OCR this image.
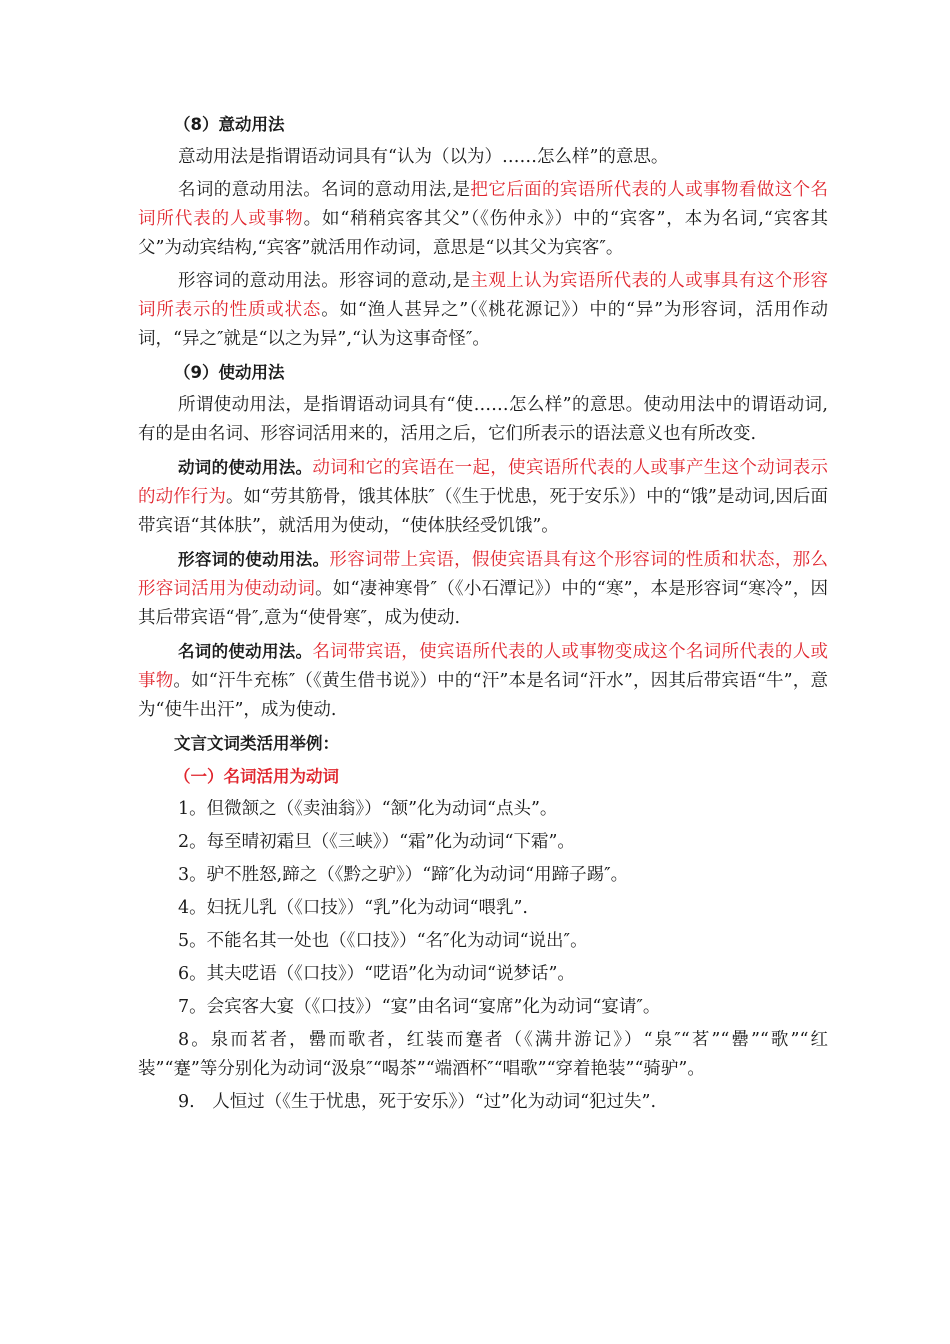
（8）意动用法

意动用法是指谓语动词具有“认为（以为）……怎么样”的意思。

名词的意动用法。名词的意动用法,是把它后面的宾语所代表的人或事物看做这个名词所代表的人或事物。如“稍稍宾客其父”（《伤仲永》）中的“宾客”，本为名词,“宾客其父”为动宾结构,“宾客”就活用作动词，意思是“以其父为宾客″。

形容词的意动用法。形容词的意动,是主观上认为宾语所代表的人或事具有这个形容词所表示的性质或状态。如“渔人甚异之”（《桃花源记》）中的“异”为形容词，活用作动词，“异之″就是“以之为异”,“认为这事奇怪″。

（9）使动用法

所谓使动用法，是指谓语动词具有“使……怎么样”的意思。使动用法中的谓语动词,有的是由名词、形容词活用来的，活用之后，它们所表示的语法意义也有所改变.

动词的使动用法。动词和它的宾语在一起，使宾语所代表的人或事产生这个动词表示的动作行为。如“劳其筋骨，饿其体肤″（《生于忧患，死于安乐》）中的“饿”是动词,因后面带宾语“其体肤”，就活用为使动，“使体肤经受饥饿”。

形容词的使动用法。形容词带上宾语，假使宾语具有这个形容词的性质和状态，那么形容词活用为使动动词。如“凄神寒骨″（《小石潭记》）中的“寒”，本是形容词“寒冷”，因其后带宾语“骨″,意为“使骨寒″，成为使动.

名词的使动用法。名词带宾语，使宾语所代表的人或事物变成这个名词所代表的人或事物。如“汗牛充栋″（《黄生借书说》）中的“汗”本是名词“汗水”，因其后带宾语“牛”，意为“使牛出汗”，成为使动.

文言文词类活用举例：

（一）名词活用为动词

1。但微颔之（《卖油翁》）“颔”化为动词“点头”。

2。每至晴初霜旦（《三峡》）“霜”化为动词“下霜”。

3。驴不胜怒,蹄之（《黔之驴》）“蹄″化为动词“用蹄子踢″。

4。妇抚儿乳（《口技》）“乳”化为动词“喂乳”.

5。不能名其一处也（《口技》）“名″化为动词“说出″。

6。其夫呓语（《口技》）“呓语”化为动词“说梦话”。

7。会宾客大宴（《口技》）“宴”由名词“宴席”化为动词“宴请″。

8。泉而茗者，罍而歌者，红装而蹇者（《满井游记》）“泉″“茗”“罍”“歌”“红装”“蹇”等分别化为动词“汲泉″“喝茶”“端酒杯″“唱歌”“穿着艳装”“骑驴”。

9.　人恒过（《生于忧患，死于安乐》）“过”化为动词“犯过失”.
